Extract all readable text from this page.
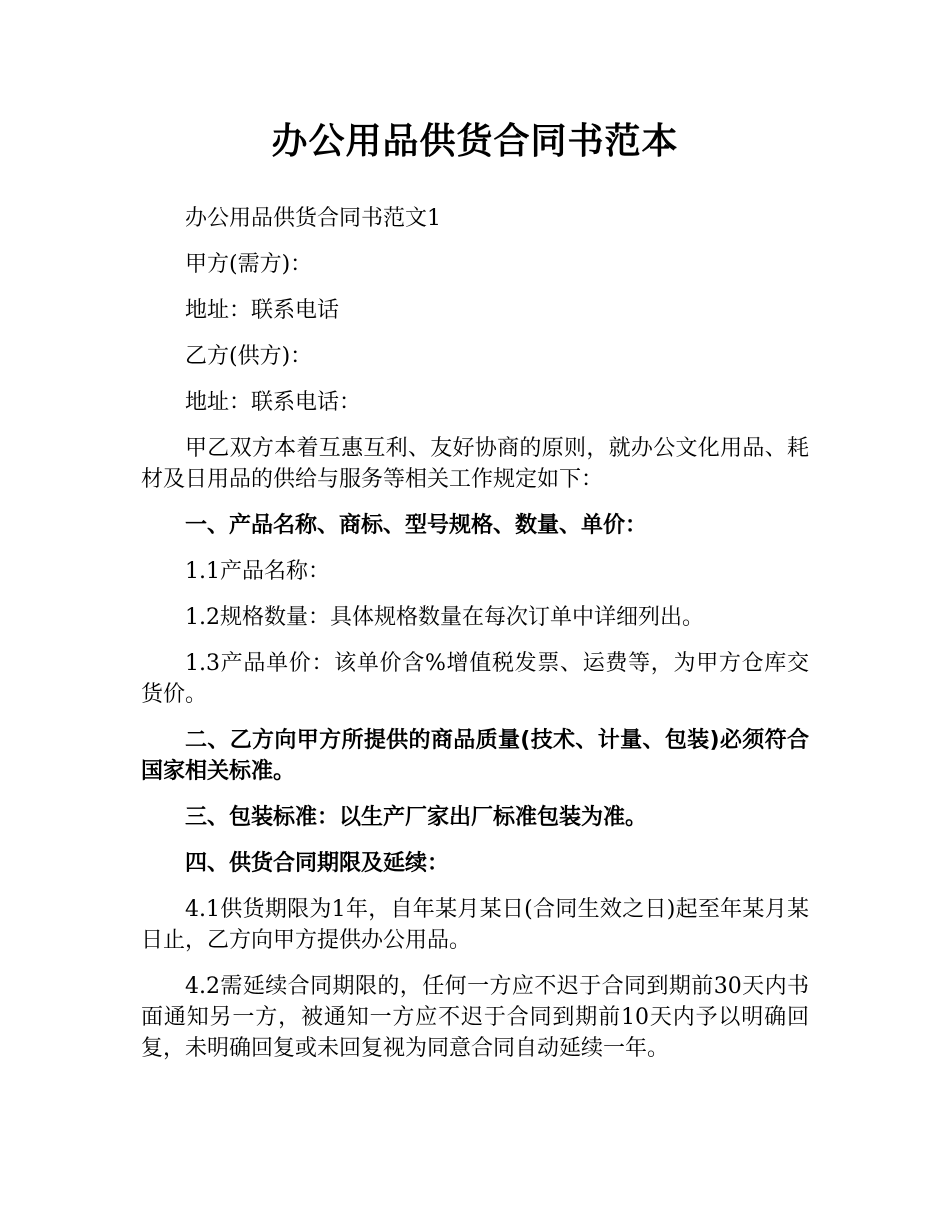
办公用品供货合同书范本

办公用品供货合同书范文1

甲方(需方)：

地址：联系电话

乙方(供方)：

地址：联系电话：

甲乙双方本着互惠互利、友好协商的原则，就办公文化用品、耗材及日用品的供给与服务等相关工作规定如下：

一、产品名称、商标、型号规格、数量、单价：

1.1产品名称：

1.2规格数量：具体规格数量在每次订单中详细列出。

1.3产品单价：该单价含%增值税发票、运费等，为甲方仓库交货价。

二、乙方向甲方所提供的商品质量(技术、计量、包装)必须符合国家相关标准。

三、包装标准：以生产厂家出厂标准包装为准。

四、供货合同期限及延续：

4.1供货期限为1年，自年某月某日(合同生效之日)起至年某月某日止，乙方向甲方提供办公用品。

4.2需延续合同期限的，任何一方应不迟于合同到期前30天内书面通知另一方，被通知一方应不迟于合同到期前10天内予以明确回复，未明确回复或未回复视为同意合同自动延续一年。
